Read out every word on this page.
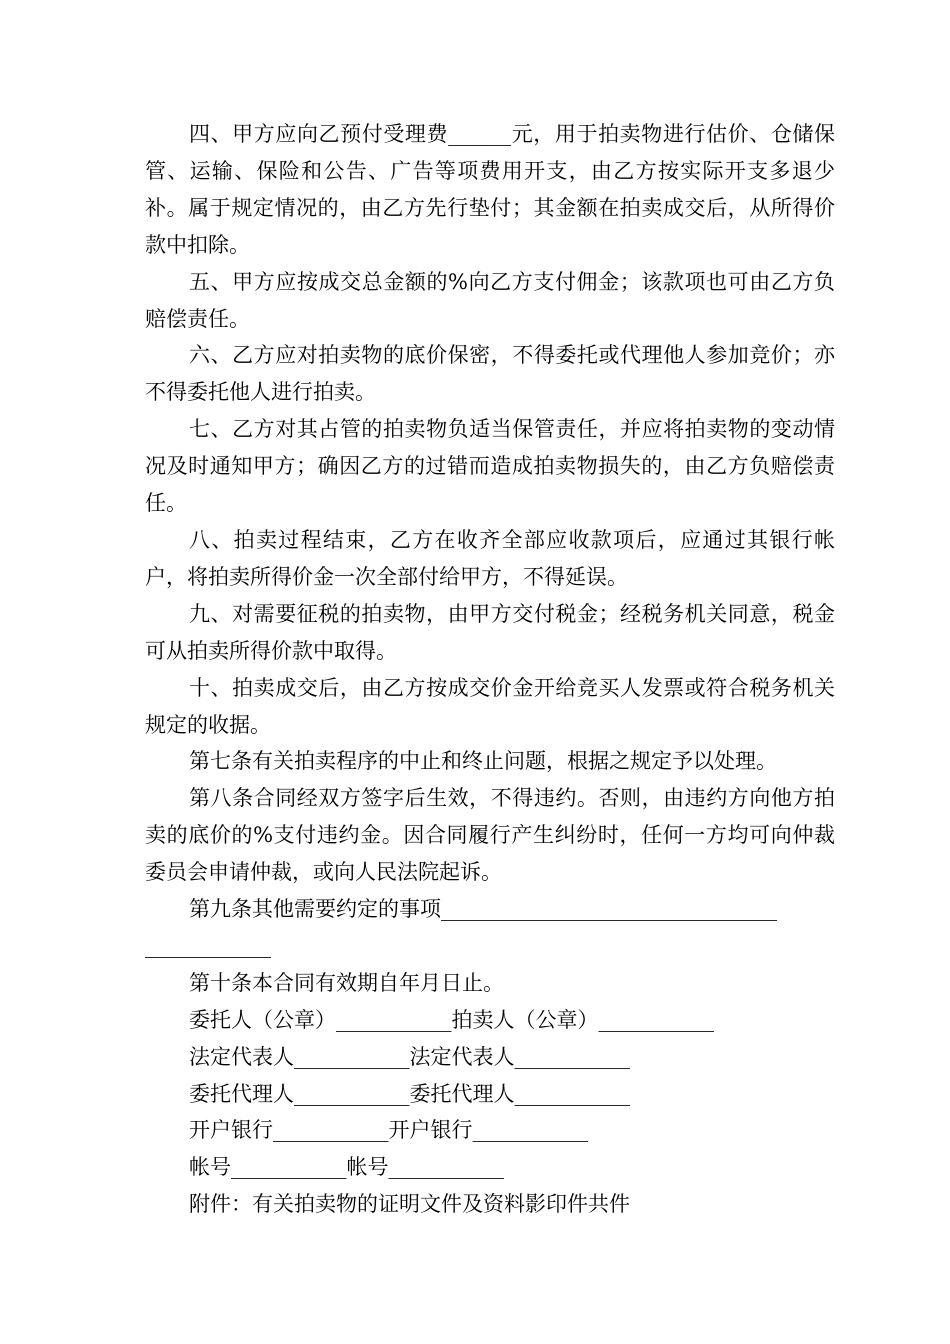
四、甲方应向乙预付受理费______元，用于拍卖物进行估价、仓储保管、运输、保险和公告、广告等项费用开支，由乙方按实际开支多退少补。属于规定情况的，由乙方先行垫付；其金额在拍卖成交后，从所得价款中扣除。

五、甲方应按成交总金额的%向乙方支付佣金；该款项也可由乙方负赔偿责任。

六、乙方应对拍卖物的底价保密，不得委托或代理他人参加竞价；亦不得委托他人进行拍卖。

七、乙方对其占管的拍卖物负适当保管责任，并应将拍卖物的变动情况及时通知甲方；确因乙方的过错而造成拍卖物损失的，由乙方负赔偿责任。

八、拍卖过程结束，乙方在收齐全部应收款项后，应通过其银行帐户，将拍卖所得价金一次全部付给甲方，不得延误。

九、对需要征税的拍卖物，由甲方交付税金；经税务机关同意，税金可从拍卖所得价款中取得。

十、拍卖成交后，由乙方按成交价金开给竞买人发票或符合税务机关规定的收据。

第七条有关拍卖程序的中止和终止问题，根据之规定予以处理。

第八条合同经双方签字后生效，不得违约。否则，由违约方向他方拍卖的底价的%支付违约金。因合同履行产生纠纷时，任何一方均可向仲裁委员会申请仲裁，或向人民法院起诉。

第九条其他需要约定的事项________________________________

____________

第十条本合同有效期自年月日止。

委托人（公章）___________拍卖人（公章）___________

法定代表人___________法定代表人___________

委托代理人___________委托代理人___________

开户银行___________开户银行___________

帐号___________帐号___________

附件：有关拍卖物的证明文件及资料影印件共件
